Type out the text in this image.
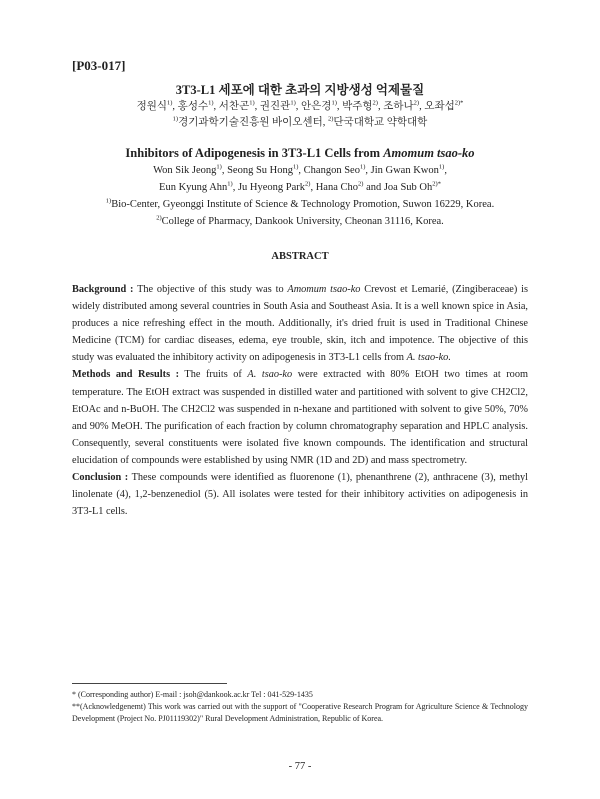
[P03-017]
3T3-L1 세포에 대한 초과의 지방생성 억제물질
정원식$^{1)}$, 홍성수$^{1)}$, 서찬곤$^{1)}$, 권진관$^{1)}$, 안은경$^{1)}$, 박주형$^{2)}$, 조하나$^{2)}$, 오좌섭$^{2)*}$
$^{1)}$경기과학기술진흥원 바이오센터, $^{2)}$단국대학교 약학대학
Inhibitors of Adipogenesis in 3T3-L1 Cells from Amomum tsao-ko
Won Sik Jeong$^{1)}$, Seong Su Hong$^{1)}$, Changon Seo$^{1)}$, Jin Gwan Kwon$^{1)}$,
Eun Kyung Ahn$^{1)}$, Ju Hyeong Park$^{2)}$, Hana Cho$^{2)}$ and Joa Sub $Oh^{2)*}$
$^{1)}$Bio-Center, Gyeonggi Institute of Science & Technology Promotion, Suwon 16229, Korea.
$^{2)}$College of Pharmacy, Dankook University, Cheonan 31116, Korea.
ABSTRACT

Background : The objective of this study was to Amomum tsao-ko Crevost et Lemarié, (Zingiberaceae) is widely distributed among several countries in South Asia and Southeast Asia. It is a well known spice in Asia, produces a nice refreshing effect in the mouth. Additionally, it's dried fruit is used in Traditional Chinese Medicine (TCM) for cardiac diseases, edema, eye trouble, skin, itch and impotence. The objective of this study was evaluated the inhibitory activity on adipogenesis in 3T3-L1 cells from A. tsao-ko.

Methods and Results : The fruits of A. tsao-ko were extracted with 80% EtOH two times at room temperature. The EtOH extract was suspended in distilled water and partitioned with solvent to give CH2Cl2, EtOAc and n-BuOH. The CH2Cl2 was suspended in n-hexane and partitioned with solvent to give 50%, 70% and 90% MeOH. The purification of each fraction by column chromatography separation and HPLC analysis. Consequently, several constituents were isolated five known compounds. The identification and structural elucidation of compounds were established by using NMR (1D and 2D) and mass spectrometry.

Conclusion : These compounds were identified as fluorenone (1), phenanthrene (2), anthracene (3), methyl linolenate (4), 1,2-benzenediol (5). All isolates were tested for their inhibitory activities on adipogenesis in 3T3-L1 cells.

* (Corresponding author) E-mail : jsoh@dankook.ac.kr Tel : 041-529-1435
**(Acknowledgenemt) This work was carried out with the support of "Cooperative Research Program for Agriculture Science & Technology Development (Project No. PJ01119302)" Rural Development Administration, Republic of Korea.
- 77 -
